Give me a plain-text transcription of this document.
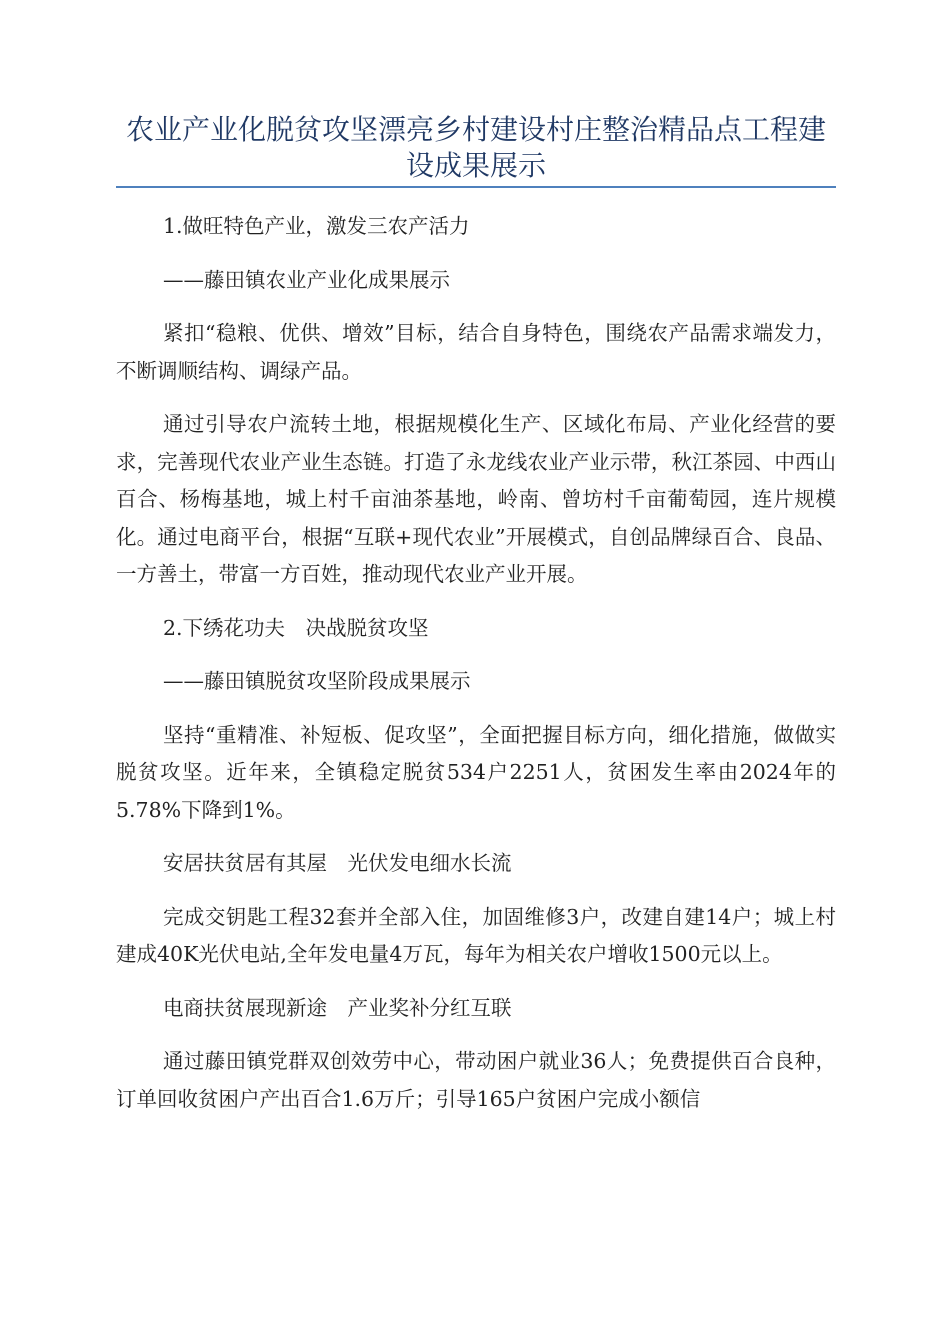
农业产业化脱贫攻坚漂亮乡村建设村庄整治精品点工程建设成果展示

1.做旺特色产业，激发三农产活力

——藤田镇农业产业化成果展示

紧扣“稳粮、优供、增效”目标，结合自身特色，围绕农产品需求端发力，不断调顺结构、调绿产品。

通过引导农户流转土地，根据规模化生产、区域化布局、产业化经营的要求，完善现代农业产业生态链。打造了永龙线农业产业示带，秋江茶园、中西山百合、杨梅基地，城上村千亩油茶基地，岭南、曾坊村千亩葡萄园，连片规模化。通过电商平台，根据“互联+现代农业”开展模式，自创品牌绿百合、良品、一方善土，带富一方百姓，推动现代农业产业开展。

2.下绣花功夫　决战脱贫攻坚

——藤田镇脱贫攻坚阶段成果展示

坚持“重精准、补短板、促攻坚”，全面把握目标方向，细化措施，做做实脱贫攻坚。近年来，全镇稳定脱贫534户2251人，贫困发生率由2024年的5.78%下降到1%。

安居扶贫居有其屋　光伏发电细水长流

完成交钥匙工程32套并全部入住，加固维修3户，改建自建14户；城上村建成40K光伏电站,全年发电量4万瓦，每年为相关农户增收1500元以上。

电商扶贫展现新途　产业奖补分红互联

通过藤田镇党群双创效劳中心，带动困户就业36人；免费提供百合良种，订单回收贫困户产出百合1.6万斤；引导165户贫困户完成小额信
